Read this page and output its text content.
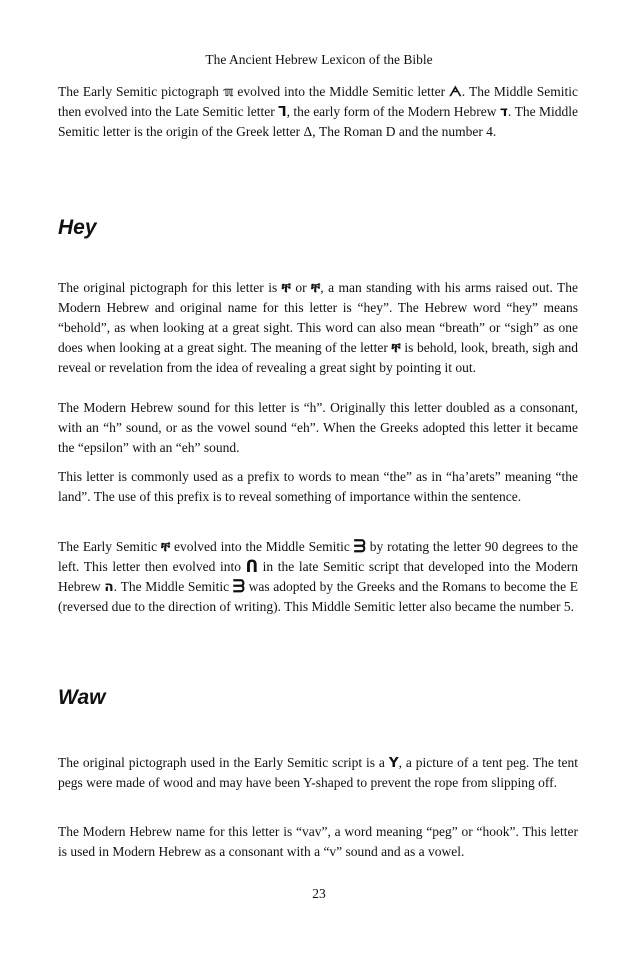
The Ancient Hebrew Lexicon of the Bible

The Early Semitic pictograph ℼ evolved into the Middle Semitic letter ᗅ. The Middle Semitic then evolved into the Late Semitic letter ᒣ, the early form of the Modern Hebrew ד. The Middle Semitic letter is the origin of the Greek letter Δ, The Roman D and the number 4.

Hey

The original pictograph for this letter is ቸ or ቸ, a man standing with his arms raised out. The Modern Hebrew and original name for this letter is “hey”. The Hebrew word “hey” means “behold”, as when looking at a great sight. This word can also mean “breath” or “sigh” as one does when looking at a great sight. The meaning of the letter ቸ is behold, look, breath, sigh and reveal or revelation from the idea of revealing a great sight by pointing it out.

The Modern Hebrew sound for this letter is “h”. Originally this letter doubled as a consonant, with an “h” sound, or as the vowel sound “eh”. When the Greeks adopted this letter it became the “epsilon” with an “eh” sound.

This letter is commonly used as a prefix to words to mean “the” as in “ha’arets” meaning “the land”. The use of this prefix is to reveal something of importance within the sentence.

The Early Semitic ቸ evolved into the Middle Semitic ᗱ by rotating the letter 90 degrees to the left. This letter then evolved into Ո in the late Semitic script that developed into the Modern Hebrew ה. The Middle Semitic ᗱ was adopted by the Greeks and the Romans to become the E (reversed due to the direction of writing). This Middle Semitic letter also became the number 5.

Waw

The original pictograph used in the Early Semitic script is a Y, a picture of a tent peg. The tent pegs were made of wood and may have been Y-shaped to prevent the rope from slipping off.

The Modern Hebrew name for this letter is “vav”, a word meaning “peg” or “hook”. This letter is used in Modern Hebrew as a consonant with a “v” sound and as a vowel.

23
